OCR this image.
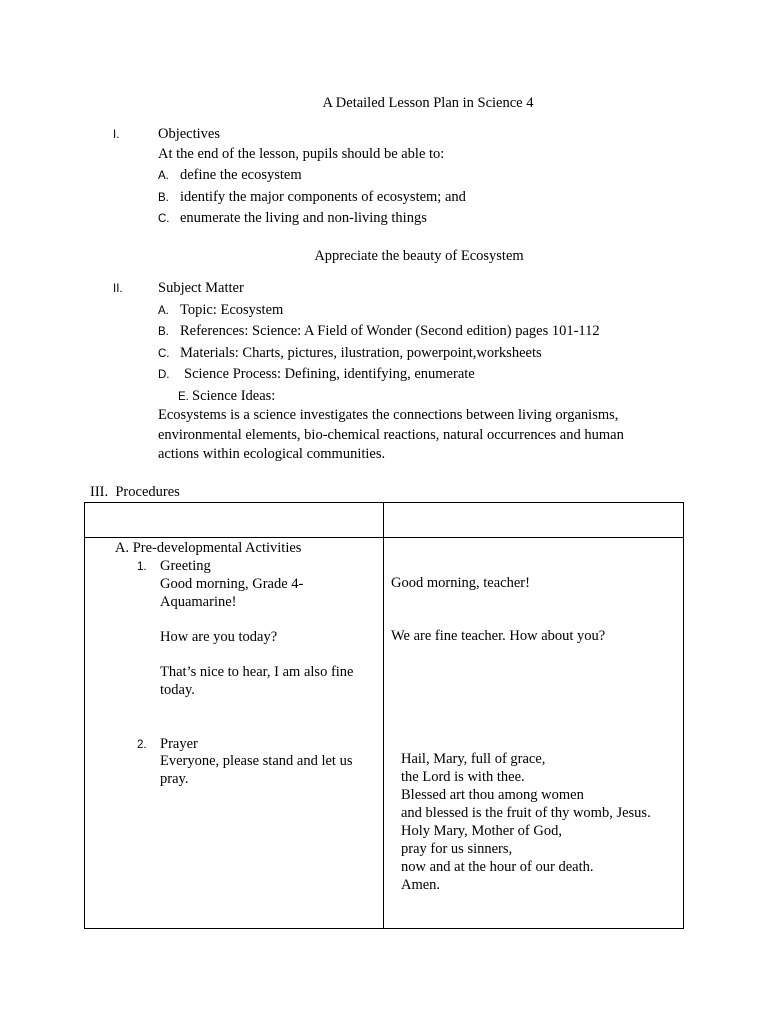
A Detailed Lesson Plan in Science 4
I.	Objectives
At the end of the lesson, pupils should be able to:
A. define the ecosystem
B. identify the major components of ecosystem; and
C. enumerate the living and non-living things
Appreciate the beauty of Ecosystem
II. Subject Matter
A. Topic: Ecosystem
B. References: Science: A Field of Wonder (Second edition) pages 101-112
C. Materials: Charts, pictures, ilustration, powerpoint,worksheets
D. Science Process: Defining, identifying, enumerate
E. Science Ideas:
Ecosystems is a science investigates the connections between living organisms, environmental elements, bio-chemical reactions, natural occurrences and human actions within ecological communities.
III.  Procedures
A. Pre-developmental Activities
1. Greeting
Good morning, Grade 4-
Aquamarine!
How are you today?
That’s nice to hear, I am also fine
today.
2. Prayer
Everyone, please stand and let us
pray.
Good morning, teacher!
We are fine teacher. How about you?
Hail, Mary, full of grace,
the Lord is with thee.
Blessed art thou among women
and blessed is the fruit of thy womb, Jesus.
Holy Mary, Mother of God,
pray for us sinners,
now and at the hour of our death.
Amen.
